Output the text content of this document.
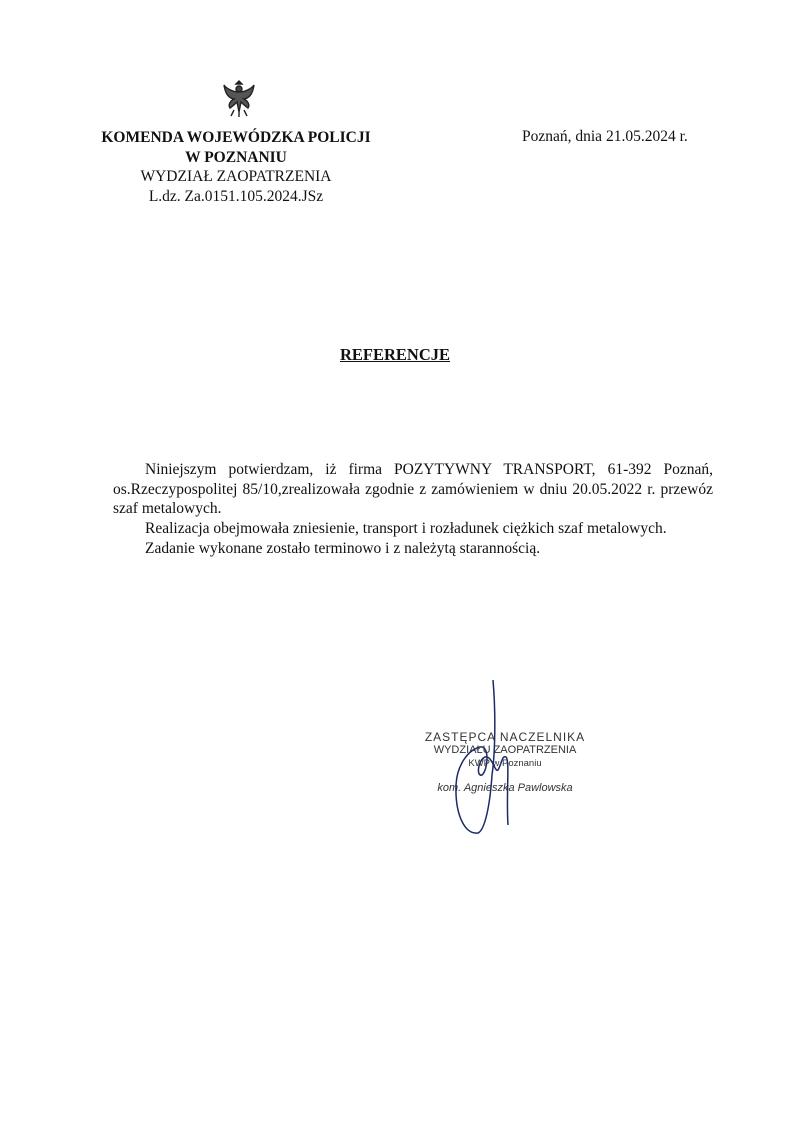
KOMENDA WOJEWÓDZKA POLICJI
W POZNANIU
WYDZIAŁ ZAOPATRZENIA
L.dz. Za.0151.105.2024.JSz
Poznań, dnia 21.05.2024 r.
REFERENCJE

Niniejszym potwierdzam, iż firma POZYTYWNY TRANSPORT, 61-392 Poznań, os.Rzeczypospolitej 85/10,zrealizowała zgodnie z zamówieniem w dniu 20.05.2022 r. przewóz szaf metalowych.

Realizacja obejmowała zniesienie, transport i rozładunek ciężkich szaf metalowych.

Zadanie wykonane zostało terminowo i z należytą starannością.

ZASTĘPCA NACZELNIKA
WYDZIAŁU ZAOPATRZENIA
KWP w Poznaniu
kom. Agnieszka Pawlowska
